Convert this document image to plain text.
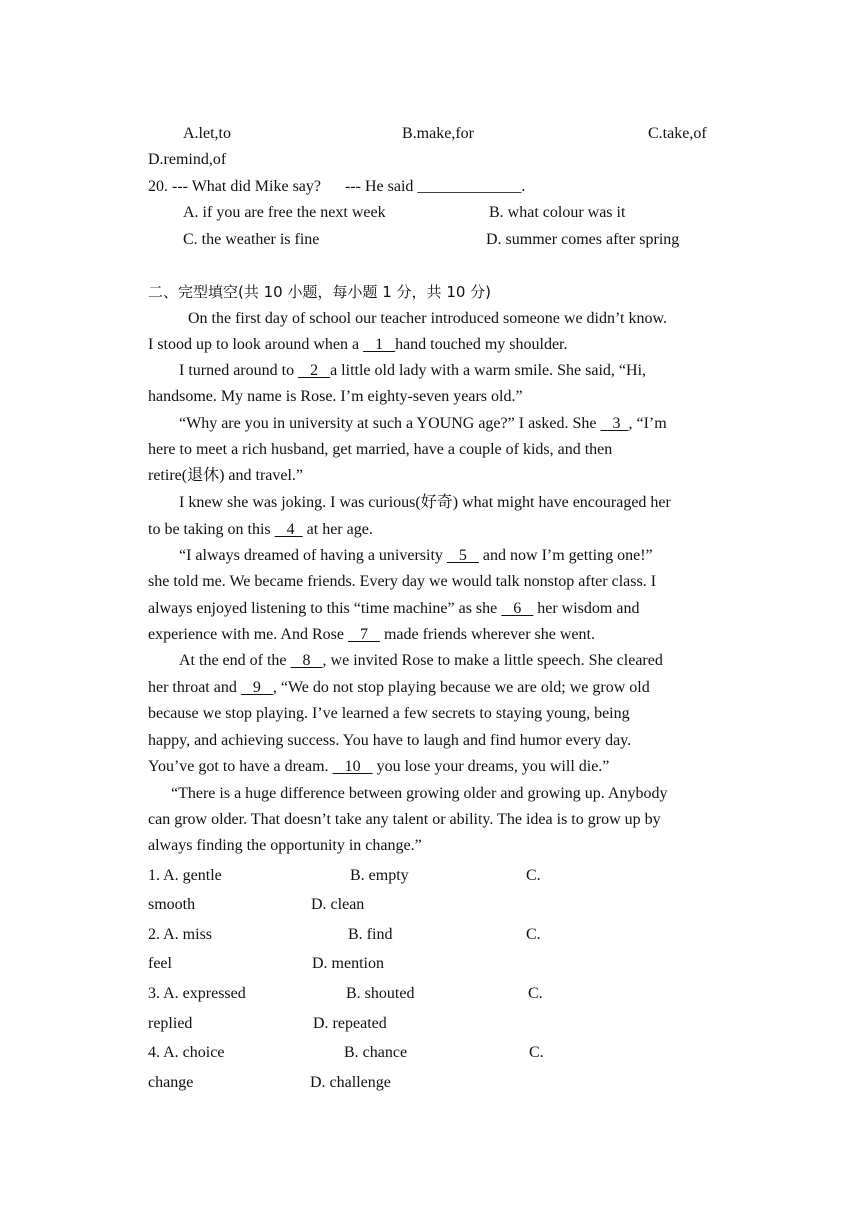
A.let,to	B.make,for	C.take,of
D.remind,of
20. --- What did Mike say?      --- He said _____________.
A. if you are free the next week	B. what colour was it
C. the weather is fine	D. summer comes after spring
二、完型填空(共 10 小题，每小题 1 分，共 10 分)
On the first day of school our teacher introduced someone we didn’t know.
I stood up to look around when a    1   hand touched my shoulder.
I turned around to    2   a little old lady with a warm smile. She said, “Hi,
handsome. My name is Rose. I’m eighty-seven years old.”
“Why are you in university at such a YOUNG age?” I asked. She    3  , “I’m
here to meet a rich husband, get married, have a couple of kids, and then
retire(退休) and travel.”
I knew she was joking. I was curious(好奇) what might have encouraged her
to be taking on this    4   at her age.
“I always dreamed of having a university    5    and now I’m getting one!”
she told me. We became friends. Every day we would talk nonstop after class. I
always enjoyed listening to this “time machine” as she    6    her wisdom and
experience with me. And Rose    7    made friends wherever she went.
At the end of the    8   , we invited Rose to make a little speech. She cleared
her throat and    9   , “We do not stop playing because we are old; we grow old
because we stop playing. I’ve learned a few secrets to staying young, being
happy, and achieving success. You have to laugh and find humor every day.
You’ve got to have a dream.    10    you lose your dreams, you will die.”
“There is a huge difference between growing older and growing up. Anybody
can grow older. That doesn’t take any talent or ability. The idea is to grow up by
always finding the opportunity in change.”
1. A. gentle	B. empty	C.
smooth	D. clean
2. A. miss	B. find	C.
feel	D. mention
3. A. expressed	B. shouted	C.
replied	D. repeated
4. A. choice	B. chance	C.
change	D. challenge
